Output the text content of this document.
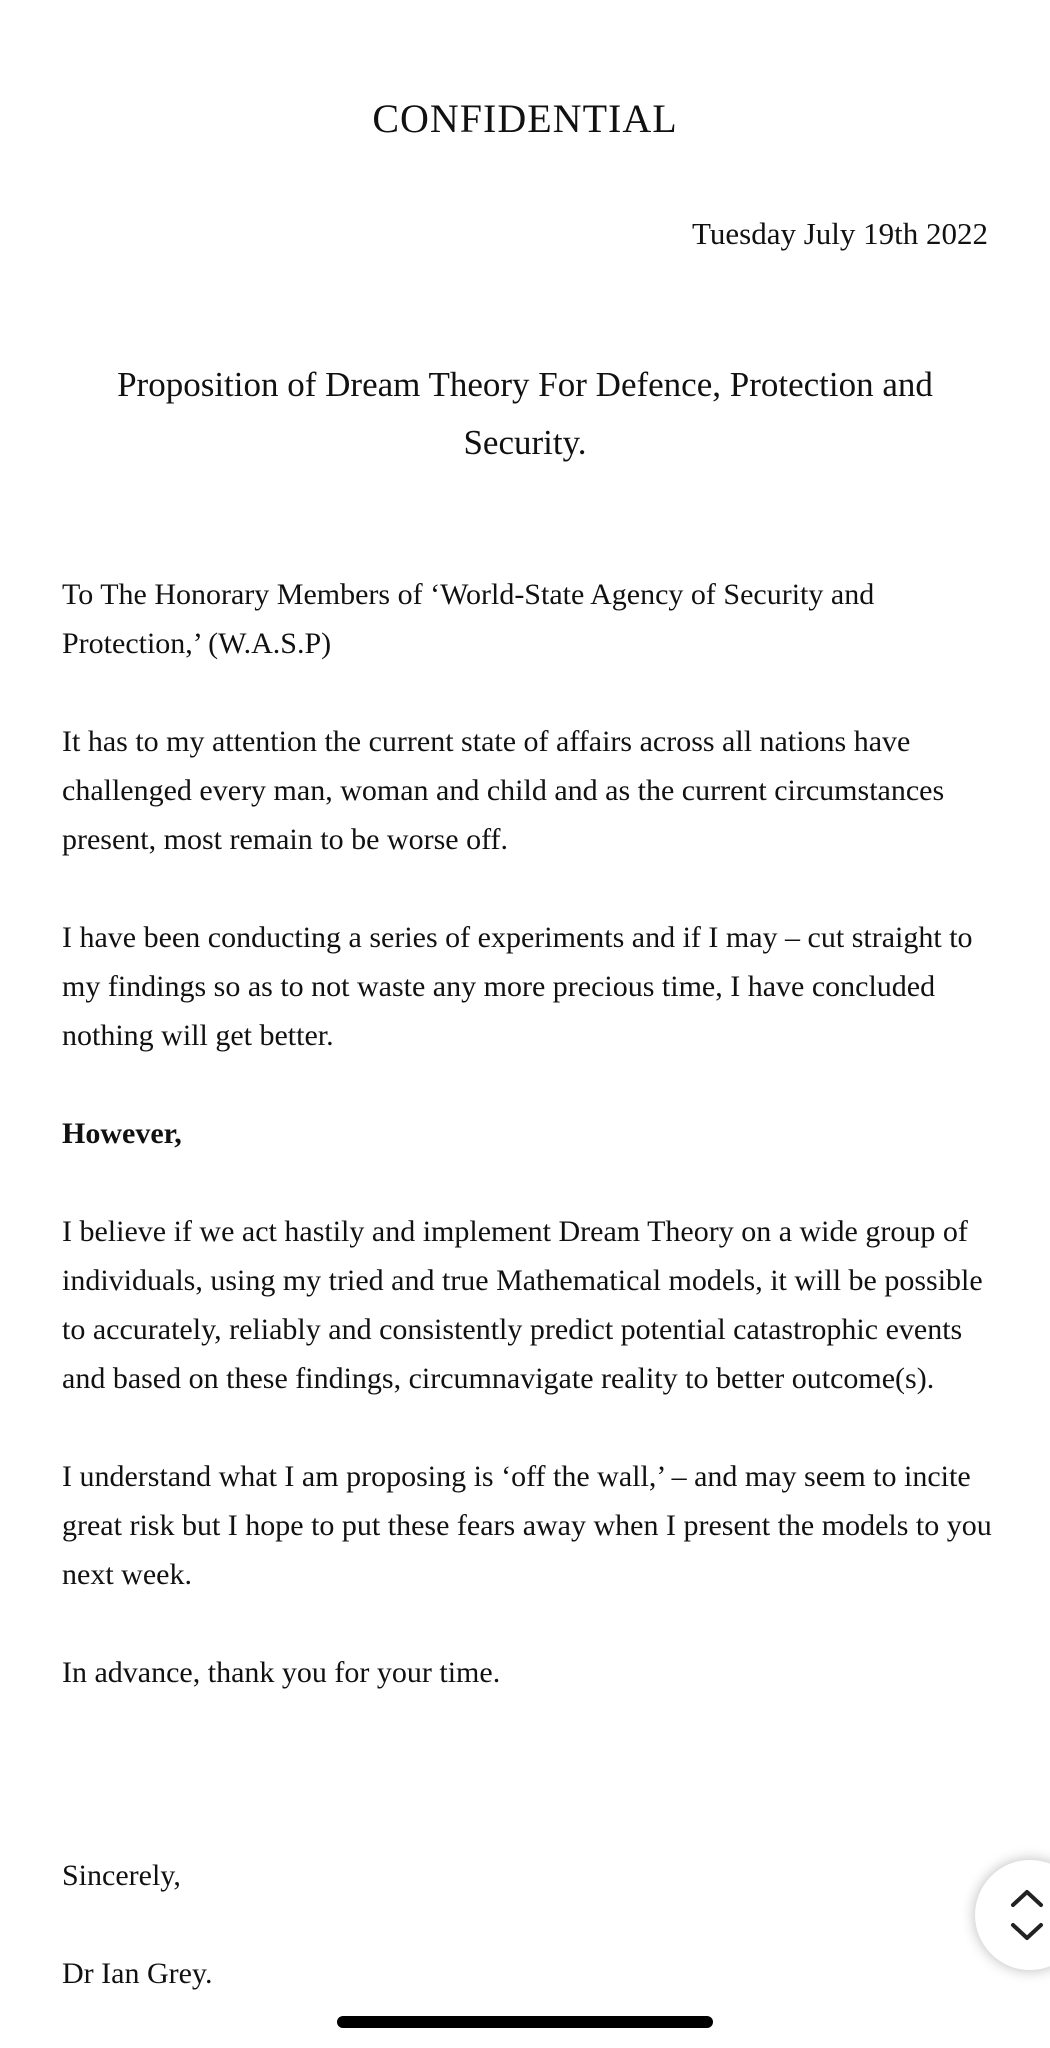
CONFIDENTIAL
Tuesday July 19th 2022
Proposition of Dream Theory For Defence, Protection and Security.

To The Honorary Members of ‘World-State Agency of Security and Protection,’ (W.A.S.P)

It has to my attention the current state of affairs across all nations have challenged every man, woman and child and as the current circumstances present, most remain to be worse off.

I have been conducting a series of experiments and if I may – cut straight to my findings so as to not waste any more precious time, I have concluded nothing will get better.

However,

I believe if we act hastily and implement Dream Theory on a wide group of individuals, using my tried and true Mathematical models, it will be possible to accurately, reliably and consistently predict potential catastrophic events and based on these findings, circumnavigate reality to better outcome(s).

I understand what I am proposing is ‘off the wall,’ – and may seem to incite great risk but I hope to put these fears away when I present the models to you next week.

In advance, thank you for your time.

Sincerely,

Dr Ian Grey.
